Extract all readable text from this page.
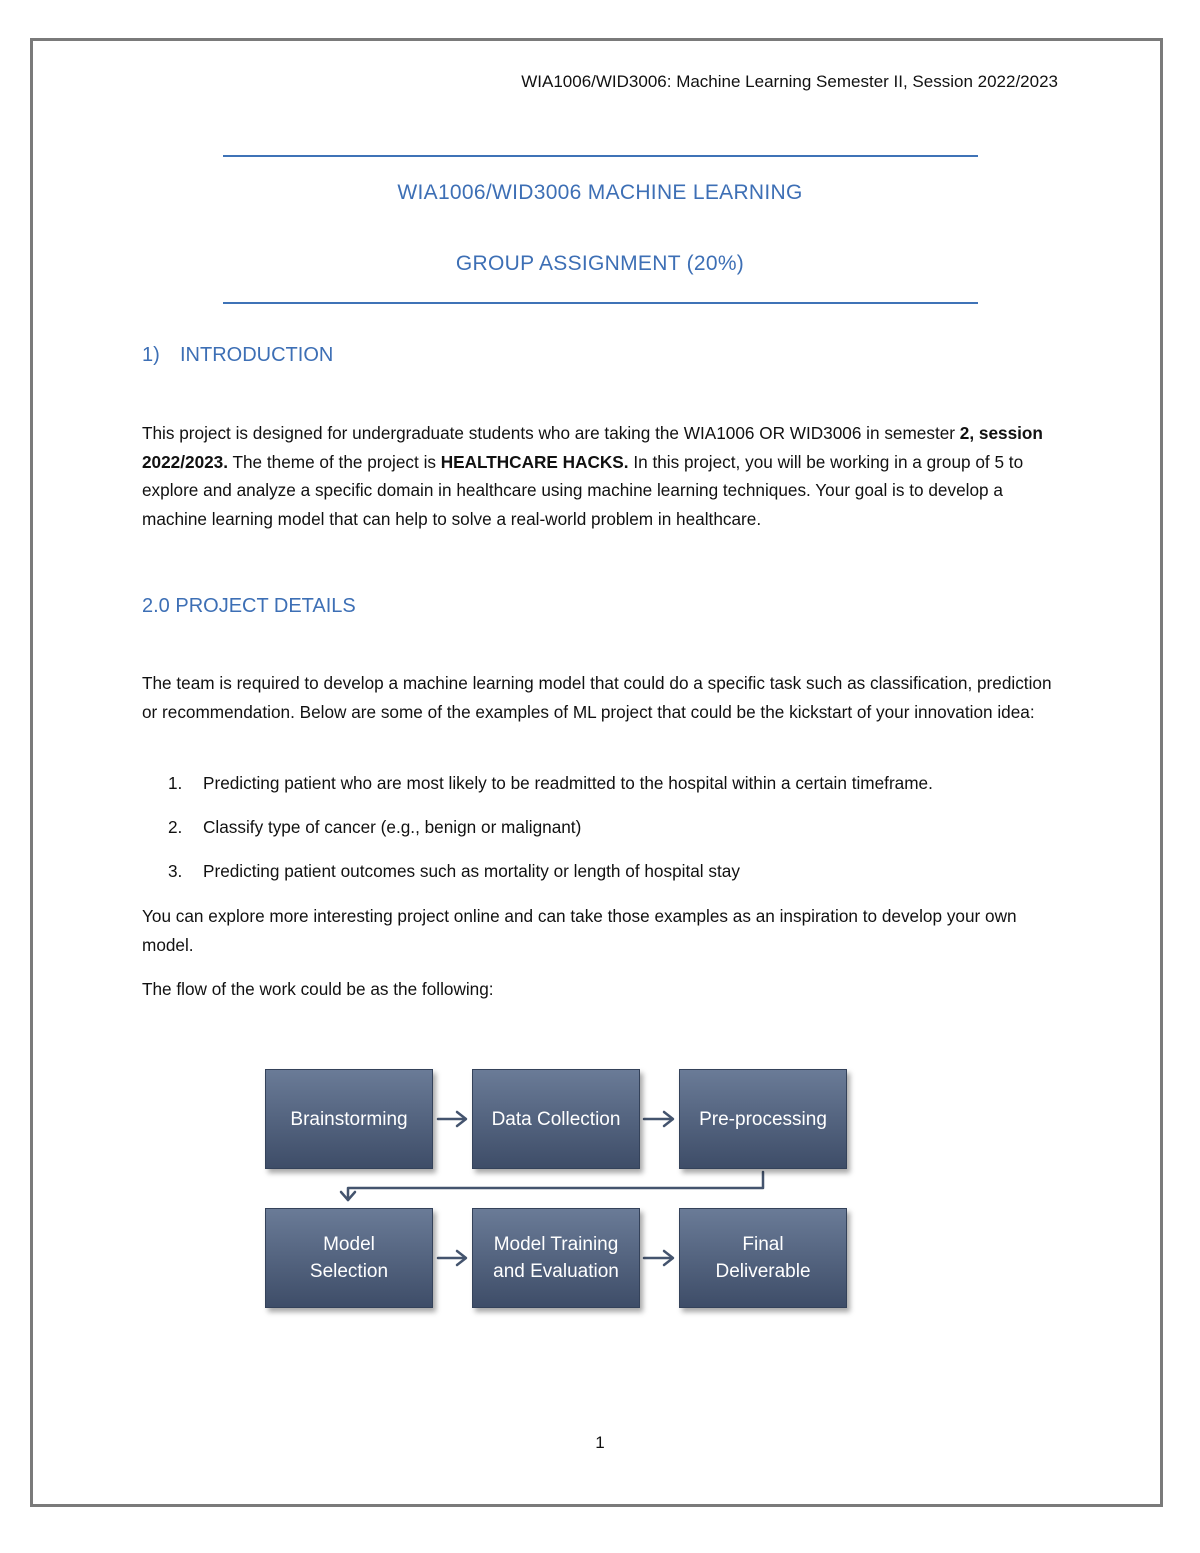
WIA1006/WID3006: Machine Learning Semester II, Session 2022/2023
WIA1006/WID3006 MACHINE LEARNING
GROUP ASSIGNMENT (20%)
1) INTRODUCTION

This project is designed for undergraduate students who are taking the WIA1006 OR WID3006 in semester 2, session 2022/2023. The theme of the project is HEALTHCARE HACKS. In this project, you will be working in a group of 5 to explore and analyze a specific domain in healthcare using machine learning techniques. Your goal is to develop a machine learning model that can help to solve a real-world problem in healthcare.

2.0 PROJECT DETAILS

The team is required to develop a machine learning model that could do a specific task such as classification, prediction or recommendation. Below are some of the examples of ML project that could be the kickstart of your innovation idea:

1. Predicting patient who are most likely to be readmitted to the hospital within a certain timeframe.
2. Classify type of cancer (e.g., benign or malignant)
3. Predicting patient outcomes such as mortality or length of hospital stay

You can explore more interesting project online and can take those examples as an inspiration to develop your own model.

The flow of the work could be as the following:

Brainstorming	Data Collection	Pre-processing
Model
Selection
Model Training
and Evaluation
Final
Deliverable
1
